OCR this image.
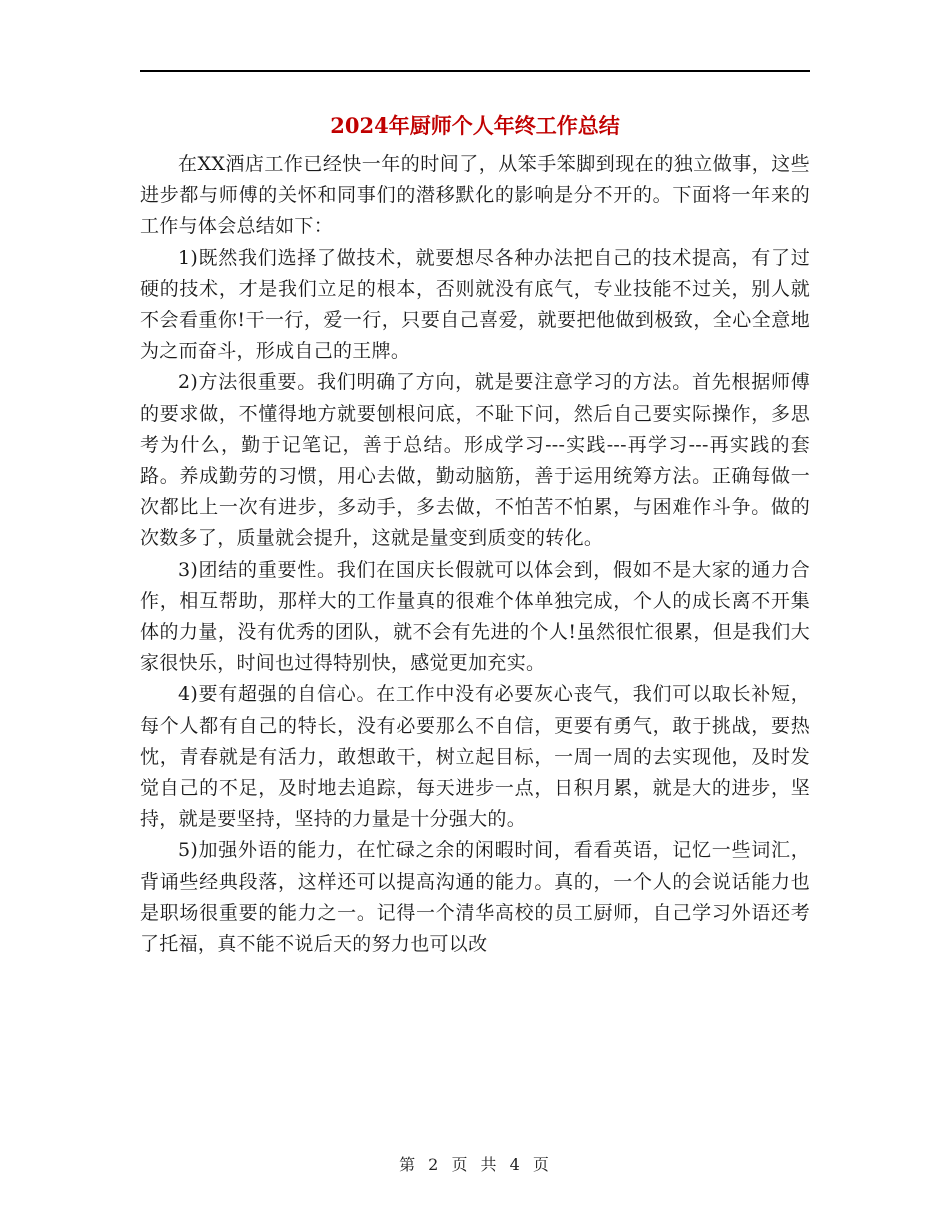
2024年厨师个人年终工作总结

在XX酒店工作已经快一年的时间了，从笨手笨脚到现在的独立做事，这些进步都与师傅的关怀和同事们的潜移默化的影响是分不开的。下面将一年来的工作与体会总结如下：

1)既然我们选择了做技术，就要想尽各种办法把自己的技术提高，有了过硬的技术，才是我们立足的根本，否则就没有底气，专业技能不过关，别人就不会看重你!干一行，爱一行，只要自己喜爱，就要把他做到极致，全心全意地为之而奋斗，形成自己的王牌。

2)方法很重要。我们明确了方向，就是要注意学习的方法。首先根据师傅的要求做，不懂得地方就要刨根问底，不耻下问，然后自己要实际操作，多思考为什么，勤于记笔记，善于总结。形成学习---实践---再学习---再实践的套路。养成勤劳的习惯，用心去做，勤动脑筋，善于运用统筹方法。正确每做一次都比上一次有进步，多动手，多去做，不怕苦不怕累，与困难作斗争。做的次数多了，质量就会提升，这就是量变到质变的转化。

3)团结的重要性。我们在国庆长假就可以体会到，假如不是大家的通力合作，相互帮助，那样大的工作量真的很难个体单独完成，个人的成长离不开集体的力量，没有优秀的团队，就不会有先进的个人!虽然很忙很累，但是我们大家很快乐，时间也过得特别快，感觉更加充实。

4)要有超强的自信心。在工作中没有必要灰心丧气，我们可以取长补短，每个人都有自己的特长，没有必要那么不自信，更要有勇气，敢于挑战，要热忱，青春就是有活力，敢想敢干，树立起目标，一周一周的去实现他，及时发觉自己的不足，及时地去追踪，每天进步一点，日积月累，就是大的进步，坚持，就是要坚持，坚持的力量是十分强大的。

5)加强外语的能力，在忙碌之余的闲暇时间，看看英语，记忆一些词汇，背诵些经典段落，这样还可以提高沟通的能力。真的，一个人的会说话能力也是职场很重要的能力之一。记得一个清华高校的员工厨师，自己学习外语还考了托福，真不能不说后天的努力也可以改

第 2 页 共 4 页
